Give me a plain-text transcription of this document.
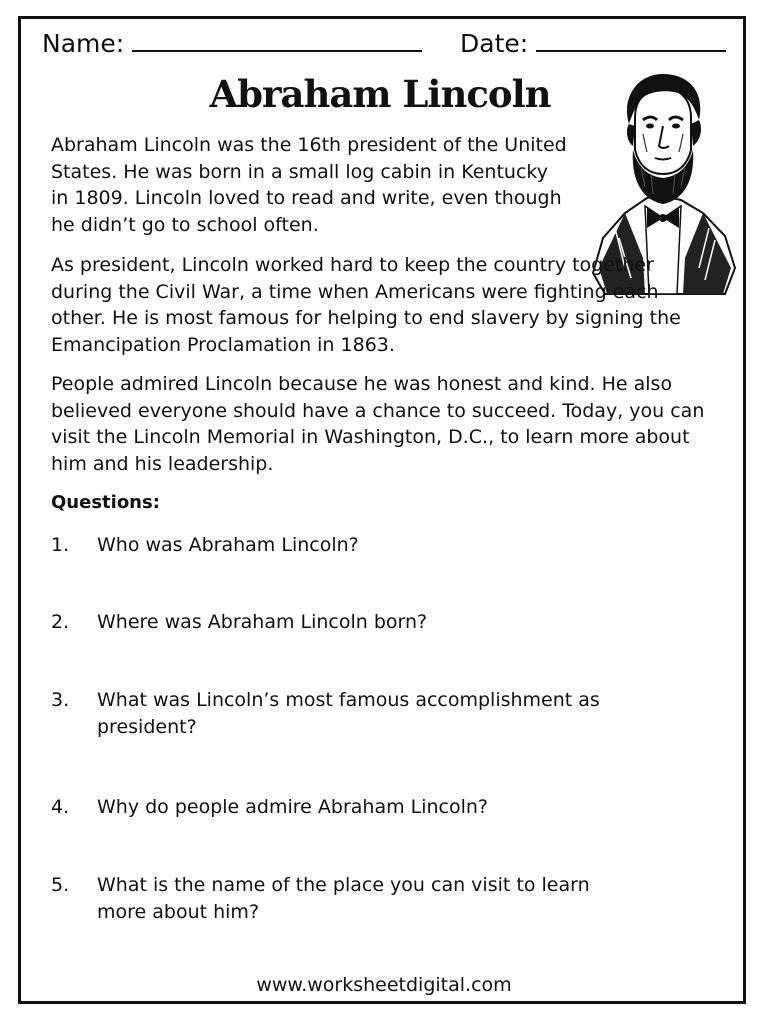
Name:	Date:
Abraham Lincoln

Abraham Lincoln was the 16th president of the United States. He was born in a small log cabin in Kentucky in 1809. Lincoln loved to read and write, even though he didn’t go to school often.

As president, Lincoln worked hard to keep the country together during the Civil War, a time when Americans were fighting each other. He is most famous for helping to end slavery by signing the Emancipation Proclamation in 1863.

People admired Lincoln because he was honest and kind. He also believed everyone should have a chance to succeed. Today, you can visit the Lincoln Memorial in Washington, D.C., to learn more about him and his leadership.

Questions:
1. Who was Abraham Lincoln?
2. Where was Abraham Lincoln born?
3. What was Lincoln’s most famous accomplishment as president?
4. Why do people admire Abraham Lincoln?
5. What is the name of the place you can visit to learn more about him?
www.worksheetdigital.com
